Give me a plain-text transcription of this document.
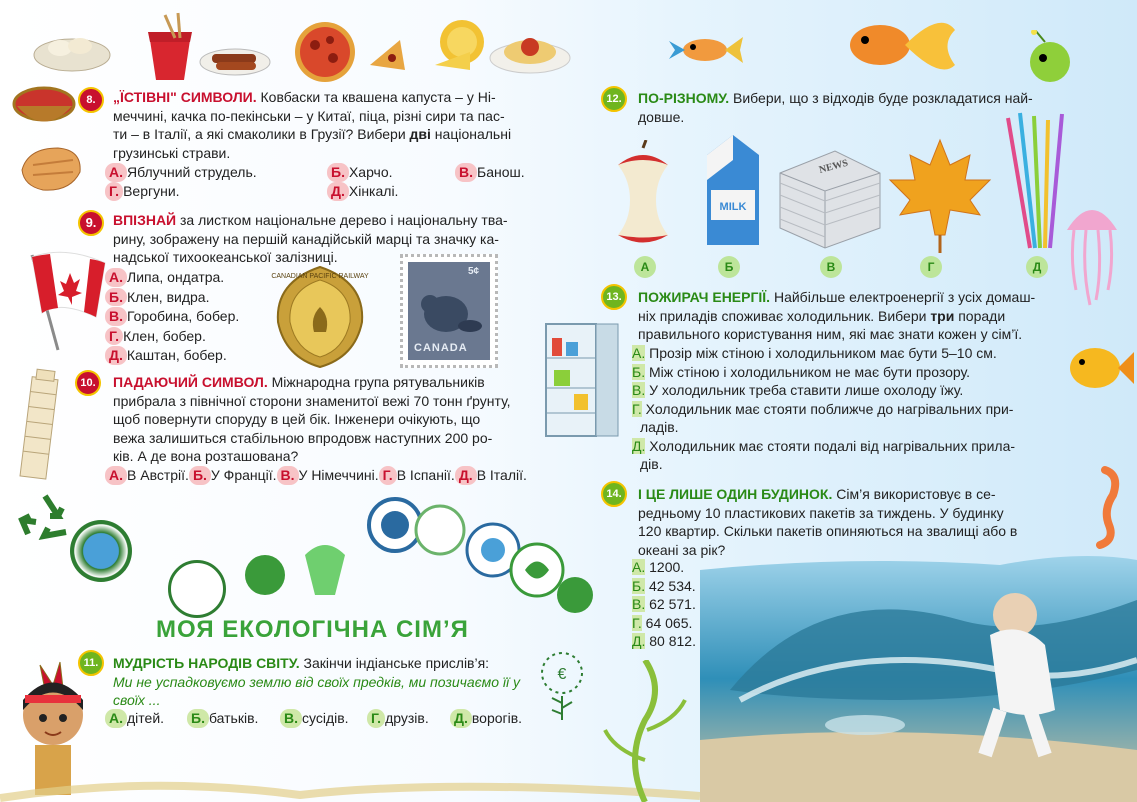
8.	„ЇСТІВНІ" СИМВОЛИ. Ковбаски та квашена капуста – у Ні-
меччині, качка по-пекінськи – у Китаї, піца, різні сири та пас-
ти – в Італії, а які смаколики в Грузії? Вибери дві національні
грузинські страви.
А. Яблучний струдель.	Б. Харчо.	В. Банош.
Г. Вергуни.	Д. Хінкалі.
9.	ВПІЗНАЙ за листком національне дерево і національну тва-
рину, зображену на першій канадійській марці та значку ка-
надської тихоокеанської залізниці.
А. Липа, ондатра.
Б. Клен, видра.
В. Горобина, бобер.
Г. Клен, бобер.
Д. Каштан, бобер.
CANADIAN PACIFIC RAILWAY	5¢
CANADA
10.	ПАДАЮЧИЙ СИМВОЛ. Міжнародна група рятувальників
прибрала з північної сторони знаменитої вежі 70 тонн ґрунту,
щоб повернути споруду в цей бік. Інженери очікують, що
вежа залишиться стабільною впродовж наступних 200 ро-
ків. А де вона розташована?
А. В Австрії. Б. У Франції. В. У Німеччині. Г. В Іспанії. Д. В Італії.
МОЯ ЕКОЛОГІЧНА СІМ’Я
11.	МУДРІСТЬ НАРОДІВ СВІТУ. Закінчи індіанське прислів’я:
Ми не успадковуємо землю від своїх предків, ми позичаємо її у
своїх ...
А. дітей. Б. батьків. В. сусідів. Г. друзів. Д. ворогів.
€
12.	ПО-РІЗНОМУ. Вибери, що з відходів буде розкладатися най-
довше.
MILK
NEWS
А	Б	В	Г	Д
13.	ПОЖИРАЧ ЕНЕРГІЇ. Найбільше електроенергії з усіх домаш-
ніх приладів споживає холодильник. Вибери три поради
правильного користування ним, які має знати кожен у сім’ї.
А. Прозір між стіною і холодильником має бути 5–10 см.
Б. Між стіною і холодильником не має бути прозору.
В. У холодильник треба ставити лише охолоду їжу.
Г. Холодильник має стояти поближче до нагрівальних при-
ладів.
Д. Холодильник має стояти подалі від нагрівальних прила-
дів.
14.	І ЦЕ ЛИШЕ ОДИН БУДИНОК. Сім’я використовує в се-
редньому 10 пластикових пакетів за тиждень. У будинку
120 квартир. Скільки пакетів опиняються на звалищі або в
океані за рік?
А. 1200.
Б. 42 534.
В. 62 571.
Г. 64 065.
Д. 80 812.
